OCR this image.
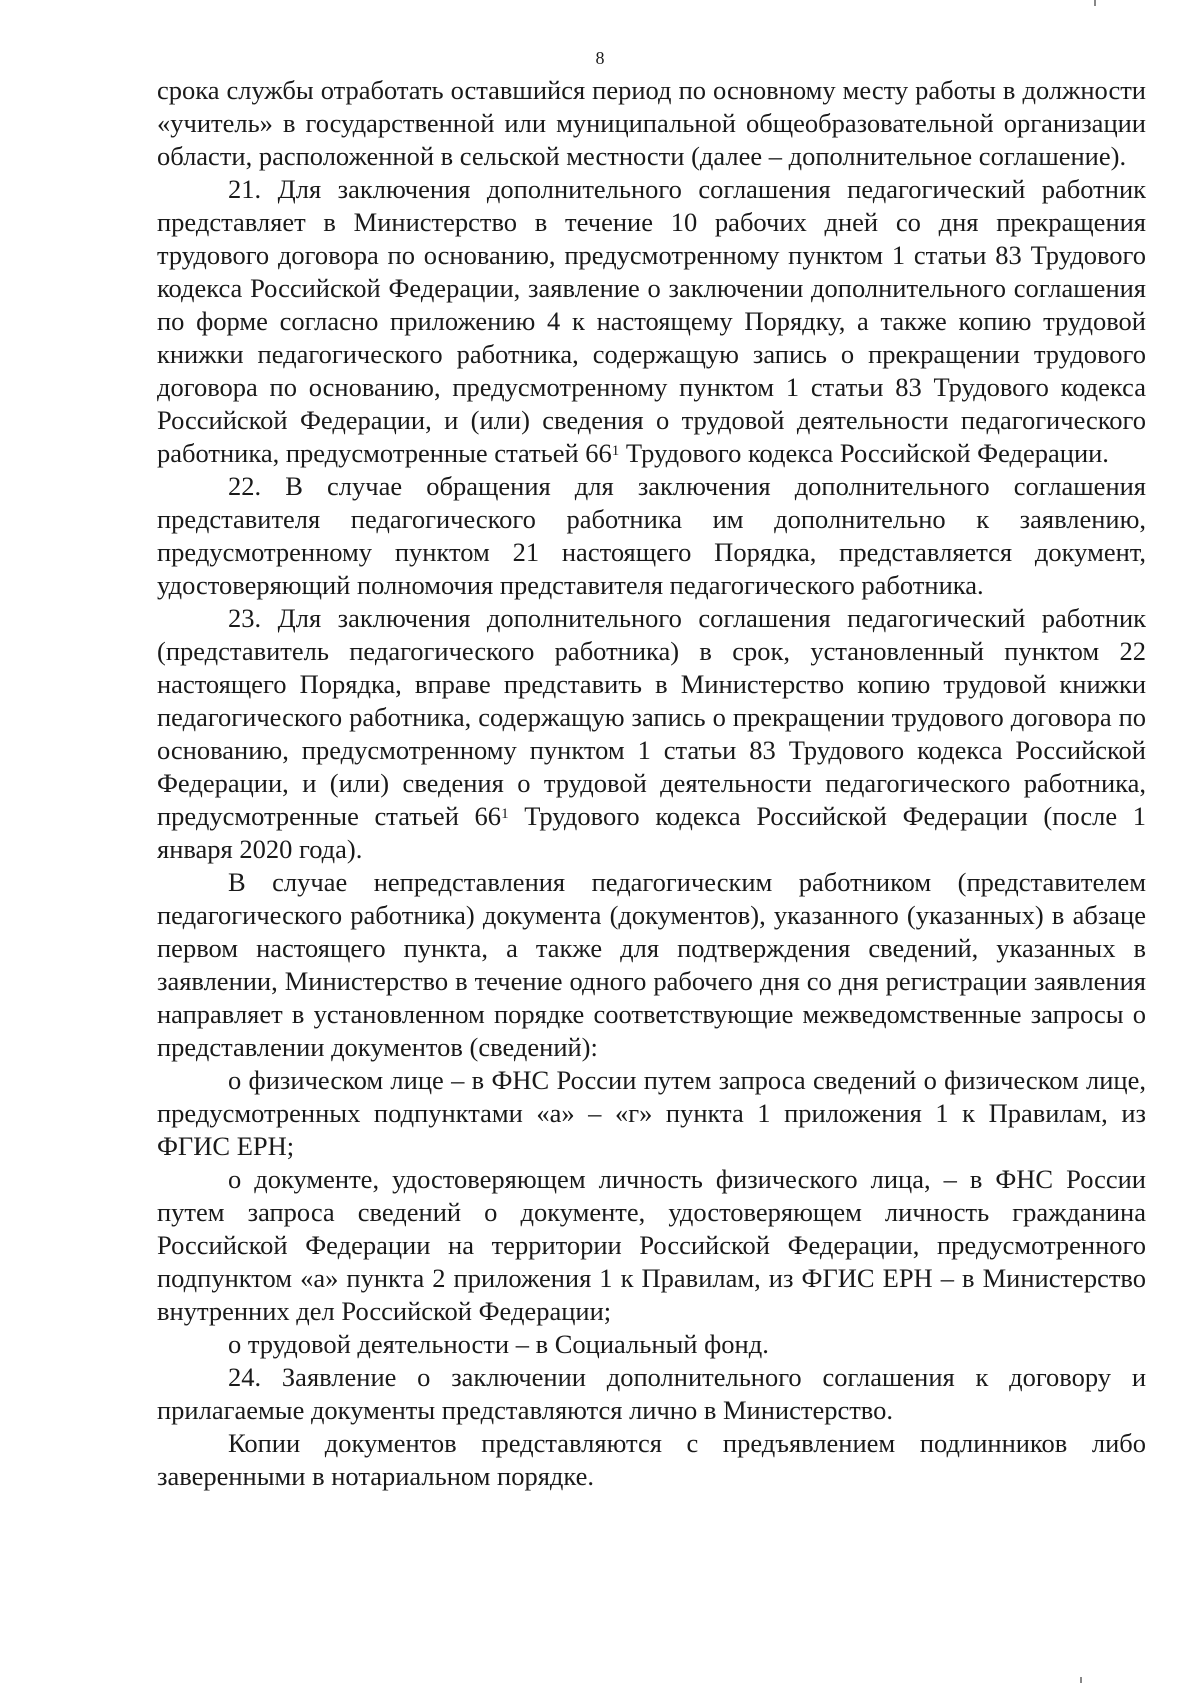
8

срока службы отработать оставшийся период по основному месту работы в должности «учитель» в государственной или муниципальной общеобразовательной организации области, расположенной в сельской местности (далее – дополнительное соглашение).

21. Для заключения дополнительного соглашения педагогический работник представляет в Министерство в течение 10 рабочих дней со дня прекращения трудового договора по основанию, предусмотренному пунктом 1 статьи 83 Трудового кодекса Российской Федерации, заявление о заключении дополнительного соглашения по форме согласно приложению 4 к настоящему Порядку, а также копию трудовой книжки педагогического работника, содержащую запись о прекращении трудового договора по основанию, предусмотренному пунктом 1 статьи 83 Трудового кодекса Российской Федерации, и (или) сведения о трудовой деятельности педагогического работника, предусмотренные статьей $66^1$ Трудового кодекса Российской Федерации.

22. В случае обращения для заключения дополнительного соглашения представителя педагогического работника им дополнительно к заявлению, предусмотренному пунктом 21 настоящего Порядка, представляется документ, удостоверяющий полномочия представителя педагогического работника.

23. Для заключения дополнительного соглашения педагогический работник (представитель педагогического работника) в срок, установленный пунктом 22 настоящего Порядка, вправе представить в Министерство копию трудовой книжки педагогического работника, содержащую запись о прекращении трудового договора по основанию, предусмотренному пунктом 1 статьи 83 Трудового кодекса Российской Федерации, и (или) сведения о трудовой деятельности педагогического работника, предусмотренные статьей $66^1$ Трудового кодекса Российской Федерации (после 1 января 2020 года).

В случае непредставления педагогическим работником (представителем педагогического работника) документа (документов), указанного (указанных) в абзаце первом настоящего пункта, а также для подтверждения сведений, указанных в заявлении, Министерство в течение одного рабочего дня со дня регистрации заявления направляет в установленном порядке соответствующие межведомственные запросы о представлении документов (сведений):

о физическом лице – в ФНС России путем запроса сведений о физическом лице, предусмотренных подпунктами «а» – «г» пункта 1 приложения 1 к Правилам, из ФГИС ЕРН;

о документе, удостоверяющем личность физического лица, – в ФНС России путем запроса сведений о документе, удостоверяющем личность гражданина Российской Федерации на территории Российской Федерации, предусмотренного подпунктом «а» пункта 2 приложения 1 к Правилам, из ФГИС ЕРН – в Министерство внутренних дел Российской Федерации;

о трудовой деятельности – в Социальный фонд.

24. Заявление о заключении дополнительного соглашения к договору и прилагаемые документы представляются лично в Министерство.

Копии документов представляются с предъявлением подлинников либо заверенными в нотариальном порядке.
